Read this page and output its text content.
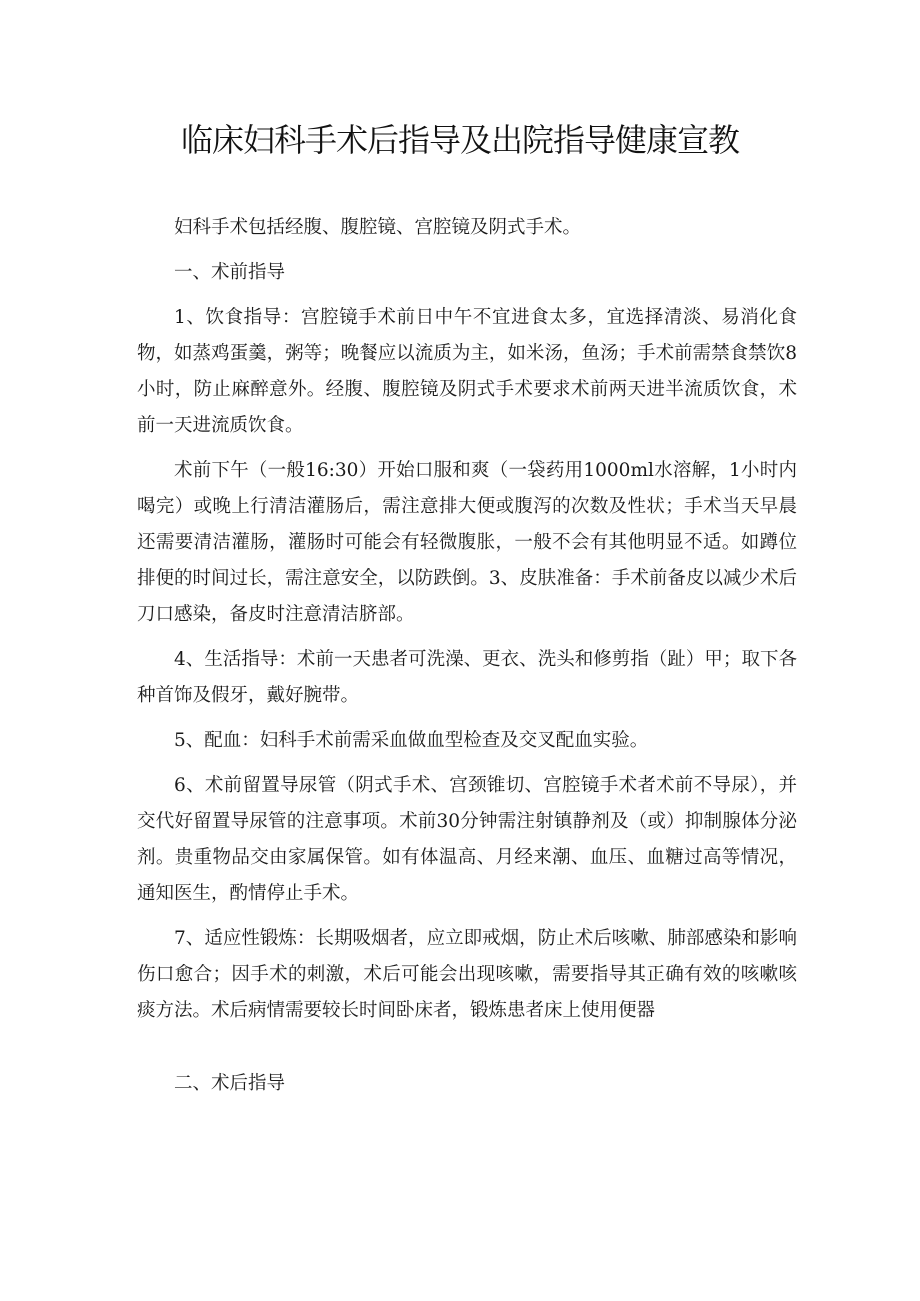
临床妇科手术后指导及出院指导健康宣教

妇科手术包括经腹、腹腔镜、宫腔镜及阴式手术。

一、术前指导

1、饮食指导：宫腔镜手术前日中午不宜进食太多，宜选择清淡、易消化食物，如蒸鸡蛋羹，粥等；晚餐应以流质为主，如米汤，鱼汤；手术前需禁食禁饮8小时，防止麻醉意外。经腹、腹腔镜及阴式手术要求术前两天进半流质饮食，术前一天进流质饮食。

术前下午（一般16:30）开始口服和爽（一袋药用1000ml水溶解，1小时内喝完）或晚上行清洁灌肠后，需注意排大便或腹泻的次数及性状；手术当天早晨还需要清洁灌肠，灌肠时可能会有轻微腹胀，一般不会有其他明显不适。如蹲位排便的时间过长，需注意安全，以防跌倒。3、皮肤准备：手术前备皮以减少术后刀口感染，备皮时注意清洁脐部。

4、生活指导：术前一天患者可洗澡、更衣、洗头和修剪指（趾）甲；取下各种首饰及假牙，戴好腕带。

5、配血：妇科手术前需采血做血型检查及交叉配血实验。

6、术前留置导尿管（阴式手术、宫颈锥切、宫腔镜手术者术前不导尿），并交代好留置导尿管的注意事项。术前30分钟需注射镇静剂及（或）抑制腺体分泌剂。贵重物品交由家属保管。如有体温高、月经来潮、血压、血糖过高等情况，通知医生，酌情停止手术。

7、适应性锻炼：长期吸烟者，应立即戒烟，防止术后咳嗽、肺部感染和影响伤口愈合；因手术的刺激，术后可能会出现咳嗽，需要指导其正确有效的咳嗽咳痰方法。术后病情需要较长时间卧床者，锻炼患者床上使用便器

二、术后指导
